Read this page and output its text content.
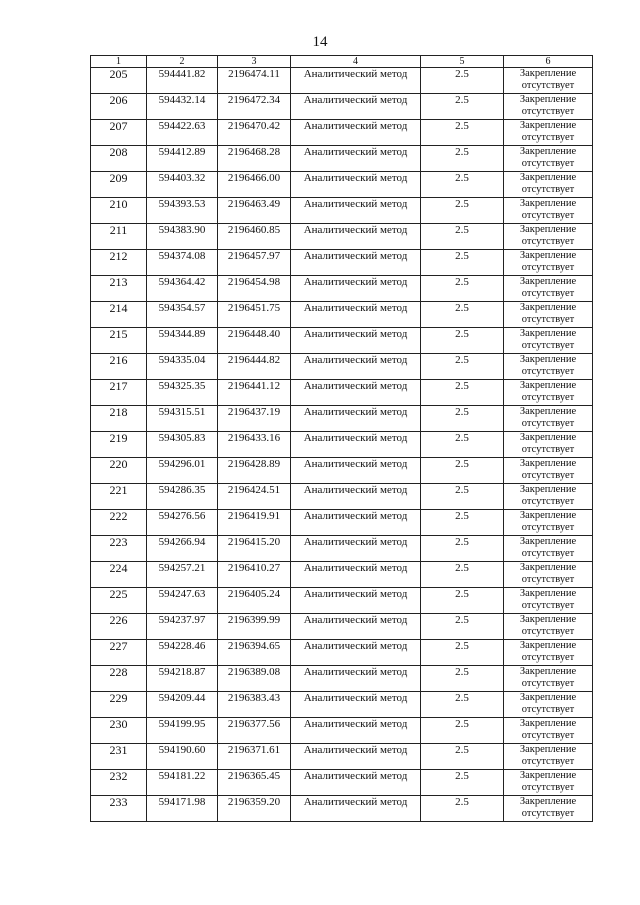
14
1	2	3	4	5	6
205	594441.82	2196474.11	Аналитический метод	2.5	Закрепление
отсутствует

206	594432.14	2196472.34	Аналитический метод	2.5	Закрепление
отсутствует

207	594422.63	2196470.42	Аналитический метод	2.5	Закрепление
отсутствует

208	594412.89	2196468.28	Аналитический метод	2.5	Закрепление
отсутствует

209	594403.32	2196466.00	Аналитический метод	2.5	Закрепление
отсутствует

210	594393.53	2196463.49	Аналитический метод	2.5	Закрепление
отсутствует

211	594383.90	2196460.85	Аналитический метод	2.5	Закрепление
отсутствует

212	594374.08	2196457.97	Аналитический метод	2.5	Закрепление
отсутствует

213	594364.42	2196454.98	Аналитический метод	2.5	Закрепление
отсутствует

214	594354.57	2196451.75	Аналитический метод	2.5	Закрепление
отсутствует

215	594344.89	2196448.40	Аналитический метод	2.5	Закрепление
отсутствует

216	594335.04	2196444.82	Аналитический метод	2.5	Закрепление
отсутствует

217	594325.35	2196441.12	Аналитический метод	2.5	Закрепление
отсутствует

218	594315.51	2196437.19	Аналитический метод	2.5	Закрепление
отсутствует

219	594305.83	2196433.16	Аналитический метод	2.5	Закрепление
отсутствует

220	594296.01	2196428.89	Аналитический метод	2.5	Закрепление
отсутствует

221	594286.35	2196424.51	Аналитический метод	2.5	Закрепление
отсутствует

222	594276.56	2196419.91	Аналитический метод	2.5	Закрепление
отсутствует

223	594266.94	2196415.20	Аналитический метод	2.5	Закрепление
отсутствует

224	594257.21	2196410.27	Аналитический метод	2.5	Закрепление
отсутствует

225	594247.63	2196405.24	Аналитический метод	2.5	Закрепление
отсутствует

226	594237.97	2196399.99	Аналитический метод	2.5	Закрепление
отсутствует

227	594228.46	2196394.65	Аналитический метод	2.5	Закрепление
отсутствует

228	594218.87	2196389.08	Аналитический метод	2.5	Закрепление
отсутствует

229	594209.44	2196383.43	Аналитический метод	2.5	Закрепление
отсутствует

230	594199.95	2196377.56	Аналитический метод	2.5	Закрепление
отсутствует

231	594190.60	2196371.61	Аналитический метод	2.5	Закрепление
отсутствует

232	594181.22	2196365.45	Аналитический метод	2.5	Закрепление
отсутствует

233	594171.98	2196359.20	Аналитический метод	2.5	Закрепление
отсутствует
